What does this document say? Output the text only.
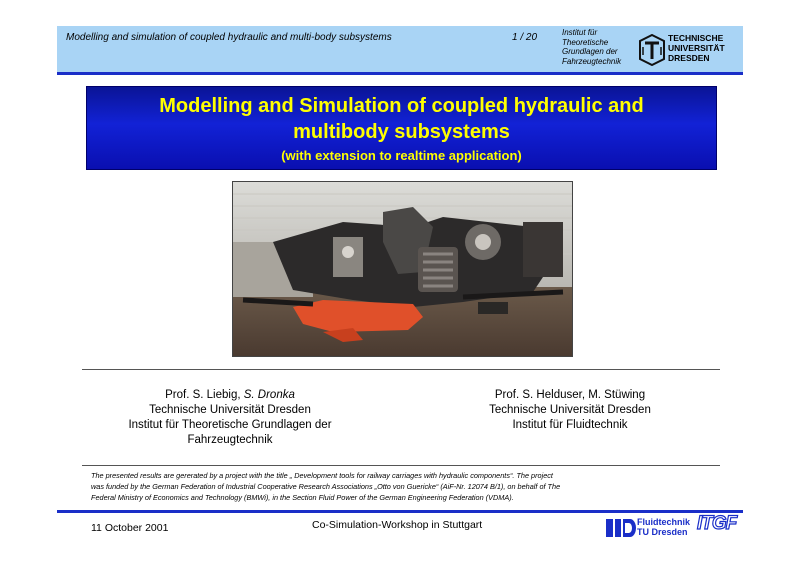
Modelling and simulation of coupled hydraulic and multi-body subsystems	1 / 20	Institut für
Theoretische
Grundlagen der
Fahrzeugtechnik
TECHNISCHE
UNIVERSITÄT
DRESDEN
Modelling and Simulation of coupled hydraulic and
multibody subsystems
(with extension to realtime application)
Prof. S. Liebig, S. Dronka
Technische Universität Dresden
Institut für Theoretische Grundlagen der
Fahrzeugtechnik
Prof. S. Helduser, M. Stüwing
Technische Universität Dresden
Institut für Fluidtechnik
The presented results are gererated by a project with the title „ Development tools for railway carriages with hydraulic components“. The project
was funded by the German Federation of Industrial Cooperative Research Associations „Otto von Guericke“ (AiF-Nr. 12074 B/1), on behalf of The
Federal Ministry of Economics and Technology (BMWi), in the Section Fluid Power of the German Engineering Federation (VDMA).
11 October 2001	Co-Simulation-Workshop in Stuttgart	Fluidtechnik
TU Dresden ITGF
